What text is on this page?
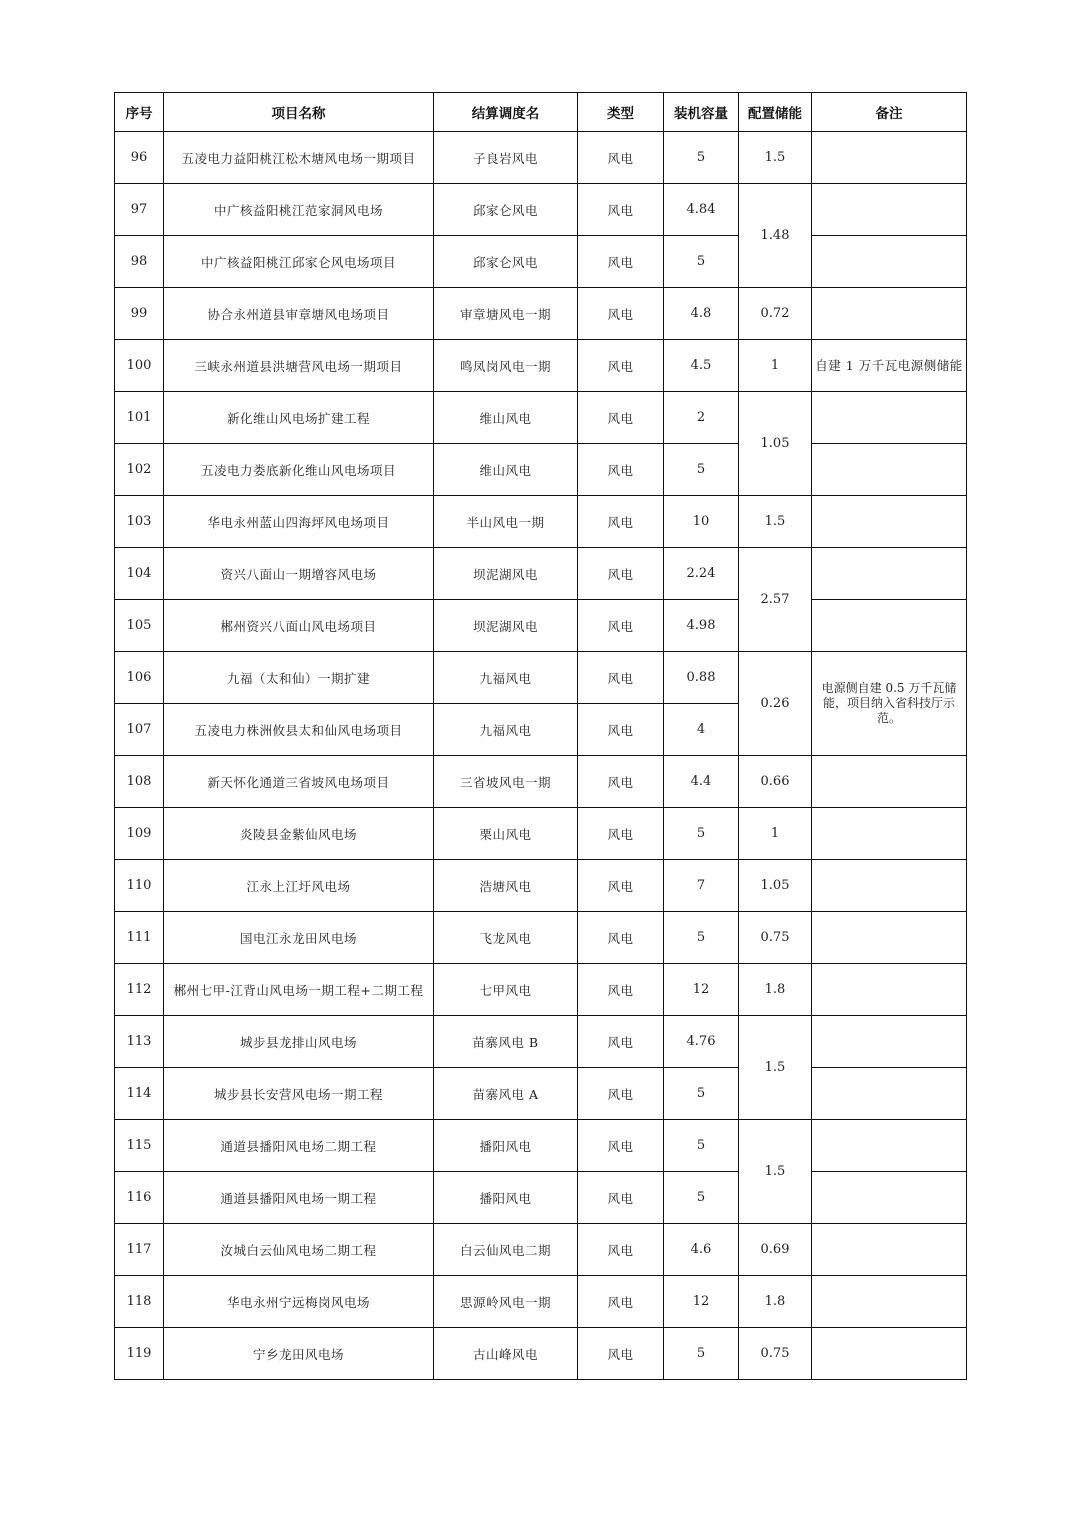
序号	项目名称	结算调度名	类型	装机容量	配置储能	备注
96	五凌电力益阳桃江松木塘风电场一期项目	子良岩风电	风电	5	1.5	
97	中广核益阳桃江范家洞风电场	邱家仑风电	风电	4.84	1.48	
98	中广核益阳桃江邱家仑风电场项目	邱家仑风电	风电	5		
99	协合永州道县审章塘风电场项目	审章塘风电一期	风电	4.8	0.72	
100	三峡永州道县洪塘营风电场一期项目	鸣凤岗风电一期	风电	4.5	1	自建 1 万千瓦电源侧储能
101	新化维山风电场扩建工程	维山风电	风电	2	1.05	
102	五凌电力娄底新化维山风电场项目	维山风电	风电	5		
103	华电永州蓝山四海坪风电场项目	半山风电一期	风电	10	1.5	
104	资兴八面山一期增容风电场	坝泥湖风电	风电	2.24	2.57	
105	郴州资兴八面山风电场项目	坝泥湖风电	风电	4.98		
106	九福（太和仙）一期扩建	九福风电	风电	0.88	0.26	电源侧自建 0.5 万千瓦储能，项目纳入省科技厅示范。
107	五凌电力株洲攸县太和仙风电场项目	九福风电	风电	4		
108	新天怀化通道三省坡风电场项目	三省坡风电一期	风电	4.4	0.66	
109	炎陵县金紫仙风电场	栗山风电	风电	5	1	
110	江永上江圩风电场	浩塘风电	风电	7	1.05	
111	国电江永龙田风电场	飞龙风电	风电	5	0.75	
112	郴州七甲-江背山风电场一期工程+二期工程	七甲风电	风电	12	1.8	
113	城步县龙排山风电场	苗寨风电 B	风电	4.76	1.5	
114	城步县长安营风电场一期工程	苗寨风电 A	风电	5		
115	通道县播阳风电场二期工程	播阳风电	风电	5	1.5	
116	通道县播阳风电场一期工程	播阳风电	风电	5		
117	汝城白云仙风电场二期工程	白云仙风电二期	风电	4.6	0.69	
118	华电永州宁远梅岗风电场	思源岭风电一期	风电	12	1.8	
119	宁乡龙田风电场	古山峰风电	风电	5	0.75	
